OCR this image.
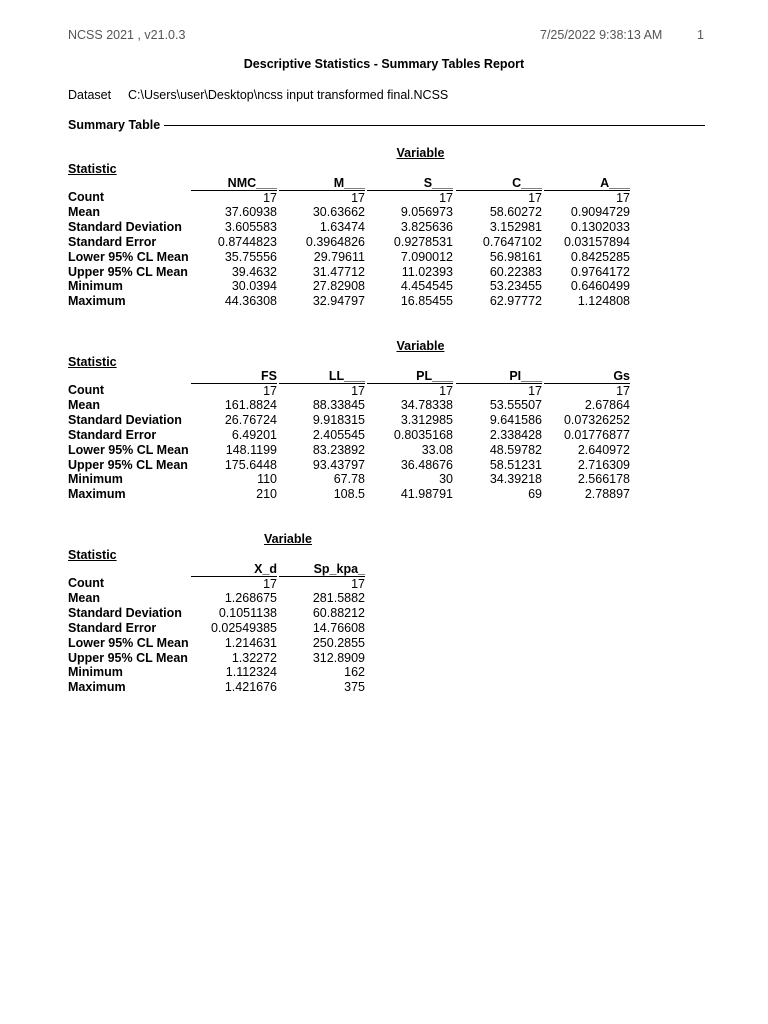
NCSS 2021 , v21.0.3	7/25/2022 9:38:13 AM	1
Descriptive Statistics - Summary Tables Report
Dataset C:\Users\user\Desktop\ncss input transformed final.NCSS
Summary Table
Variable
Statistic
NMC___	M___	S___	C___	A___
Count	17	17	17	17	17
Mean	37.60938	30.63662	9.056973	58.60272	0.9094729
Standard Deviation	3.605583	1.63474	3.825636	3.152981	0.1302033
Standard Error	0.8744823	0.3964826	0.9278531	0.7647102	0.03157894
Lower 95% CL Mean	35.75556	29.79611	7.090012	56.98161	0.8425285
Upper 95% CL Mean	39.4632	31.47712	11.02393	60.22383	0.9764172
Minimum	30.0394	27.82908	4.454545	53.23455	0.6460499
Maximum	44.36308	32.94797	16.85455	62.97772	1.124808
Variable
Statistic
FS	LL___	PL___	PI___	Gs
Count	17	17	17	17	17
Mean	161.8824	88.33845	34.78338	53.55507	2.67864
Standard Deviation	26.76724	9.918315	3.312985	9.641586	0.07326252
Standard Error	6.49201	2.405545	0.8035168	2.338428	0.01776877
Lower 95% CL Mean	148.1199	83.23892	33.08	48.59782	2.640972
Upper 95% CL Mean	175.6448	93.43797	36.48676	58.51231	2.716309
Minimum	110	67.78	30	34.39218	2.566178
Maximum	210	108.5	41.98791	69	2.78897
Variable
Statistic
X_d	Sp_kpa_
Count	17	17
Mean	1.268675	281.5882
Standard Deviation	0.1051138	60.88212
Standard Error	0.02549385	14.76608
Lower 95% CL Mean	1.214631	250.2855
Upper 95% CL Mean	1.32272	312.8909
Minimum	1.112324	162
Maximum	1.421676	375
